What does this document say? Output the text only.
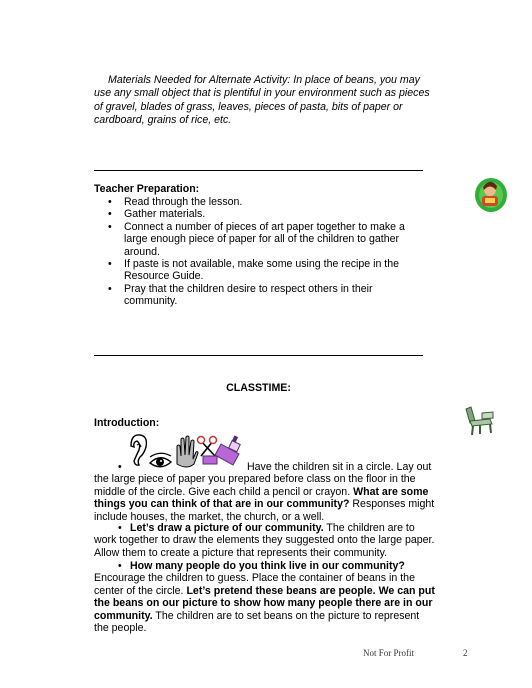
Materials Needed for Alternate Activity: In place of beans, you may use any small object that is plentiful in your environment such as pieces of gravel, blades of grass, leaves, pieces of pasta, bits of paper or cardboard, grains of rice, etc.
Teacher Preparation:
• Read through the lesson.
• Gather materials.
• Connect a number of pieces of art paper together to make a large enough piece of paper for all of the children to gather around.
• If paste is not available, make some using the recipe in the Resource Guide.
• Pray that the children desire to respect others in their community.
CLASSTIME:
Introduction:
•	Have the children sit in a circle. Lay out the large piece of paper you prepared before class on the floor in the middle of the circle. Give each child a pencil or crayon. What are some things you can think of that are in our community? Responses might include houses, the market, the church, or a well.
• Let’s draw a picture of our community. The children are to work together to draw the elements they suggested onto the large paper. Allow them to create a picture that represents their community.
• How many people do you think live in our community? Encourage the children to guess. Place the container of beans in the center of the circle. Let’s pretend these beans are people. We can put the beans on our picture to show how many people there are in our community. The children are to set beans on the picture to represent the people.
Not For Profit	2
